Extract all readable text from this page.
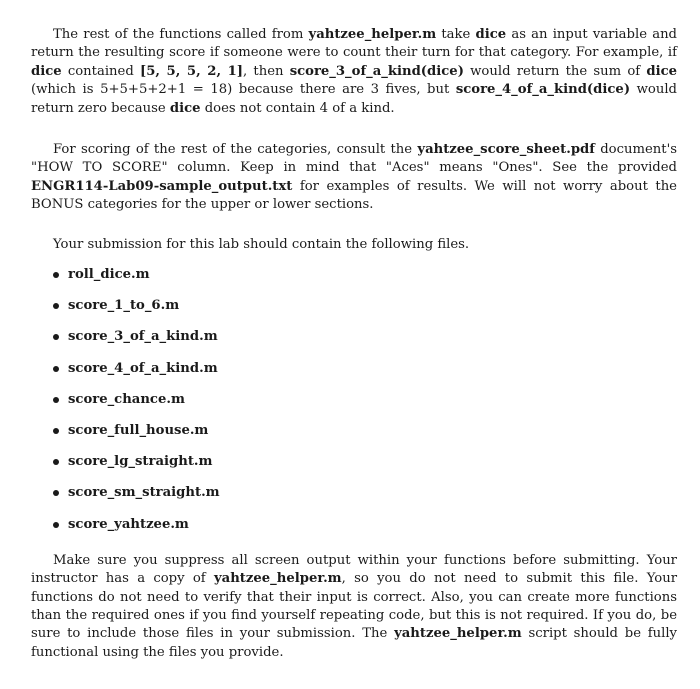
The rest of the functions called from yahtzee_helper.m take dice as an input variable and return the resulting score if someone were to count their turn for that category. For example, if dice contained [5, 5, 5, 2, 1], then score_3_of_a_kind(dice) would return the sum of dice (which is 5+5+5+2+1 = 18) because there are 3 fives, but score_4_of_a_kind(dice) would return zero because dice does not contain 4 of a kind.

For scoring of the rest of the categories, consult the yahtzee_score_sheet.pdf document's "HOW TO SCORE" column. Keep in mind that "Aces" means "Ones". See the provided ENGR114-Lab09-sample_output.txt for examples of results. We will not worry about the BONUS categories for the upper or lower sections.

Your submission for this lab should contain the following files.

roll_dice.m
score_1_to_6.m
score_3_of_a_kind.m
score_4_of_a_kind.m
score_chance.m
score_full_house.m
score_lg_straight.m
score_sm_straight.m
score_yahtzee.m

Make sure you suppress all screen output within your functions before submitting. Your instructor has a copy of yahtzee_helper.m, so you do not need to submit this file. Your functions do not need to verify that their input is correct. Also, you can create more functions than the required ones if you find yourself repeating code, but this is not required. If you do, be sure to include those files in your submission. The yahtzee_helper.m script should be fully functional using the files you provide.
